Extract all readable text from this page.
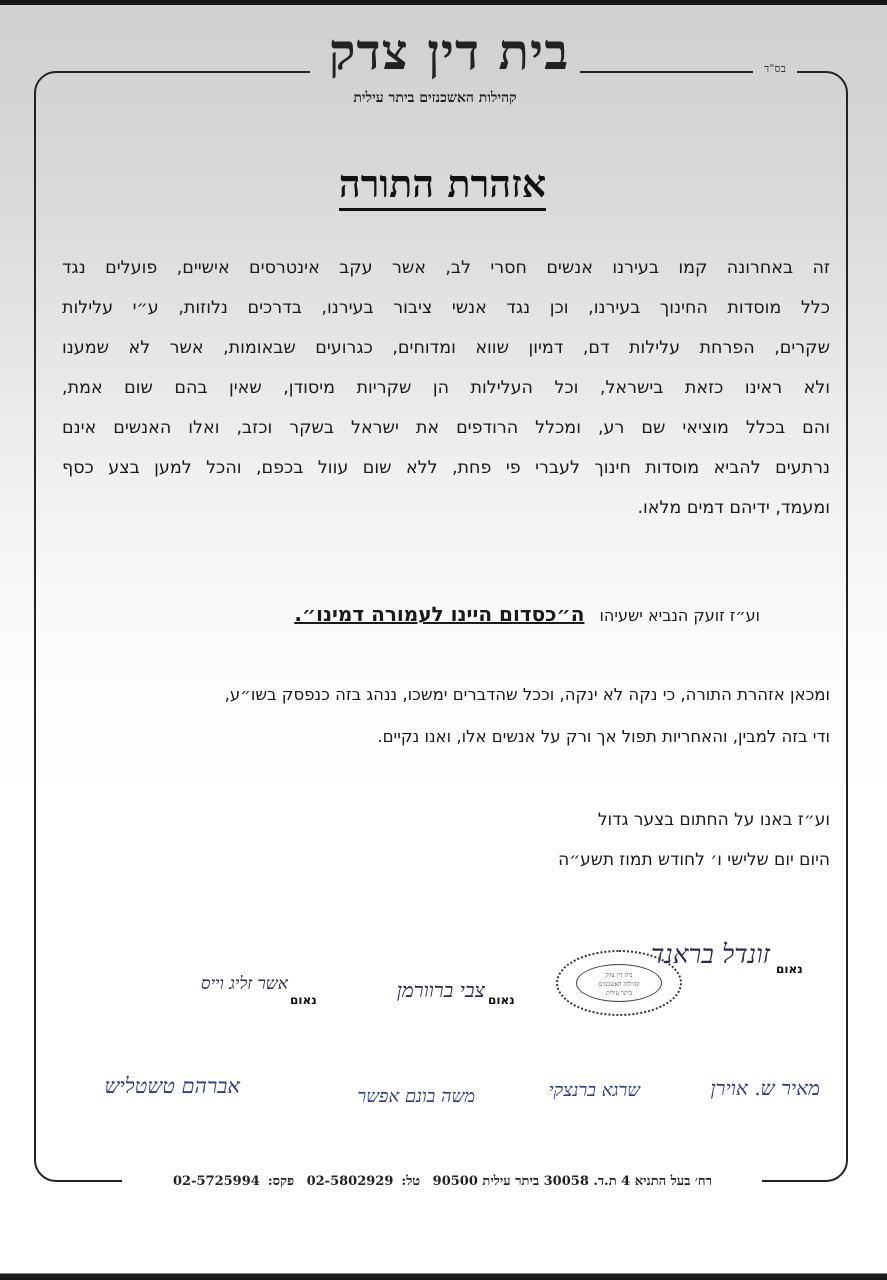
בית דין צדק
קהילות האשכנזים ביתר עילית
בס"ד
אזהרת התורה
זה באחרונה קמו בעירנו אנשים חסרי לב, אשר עקב אינטרסים אישיים, פועלים נגד
כלל מוסדות החינוך בעירנו, וכן נגד אנשי ציבור בעירנו, בדרכים נלוזות, ע״י עלילות
שקרים, הפרחת עלילות דם, דמיון שווא ומדוחים, כגרועים שבאומות, אשר לא שמענו
ולא ראינו כזאת בישראל, וכל העלילות הן שקריות מיסודן, שאין בהם שום אמת,
והם בכלל מוציאי שם רע, ומכלל הרודפים את ישראל בשקר וכזב, ואלו האנשים אינם
נרתעים להביא מוסדות חינוך לעברי פי פחת, ללא שום עוול בכפם, והכל למען בצע כסף
ומעמד, ידיהם דמים מלאו.
וע״ז זועק הנביא ישעיהו ה״כסדום היינו לעמורה דמינו״.
ומכאן אזהרת התורה, כי נקה לא ינקה, וככל שהדברים ימשכו, ננהג בזה כנפסק בשו״ע,
ודי בזה למבין, והאחריות תפול אך ורק על אנשים אלו, ואנו נקיים.
וע״ז באנו על החתום בצער גדול
היום יום שלישי ו׳ לחודש תמוז תשע״ה
בית דין צדק
קהילות האשכנזים
ביתר עילית
נאום
זונדל בראנד
נאום
צבי ברוורמן
נאום
אשר זליג וייס
מאיר ש. אוירן
שרגא ברנצקי
משה בונם אפשר
אברהם טשטליש
רח׳ בעל התניא 4 ת.ד. 30058 ביתר עילית 90500 טל:02-5802929 פקס:02-5725994
